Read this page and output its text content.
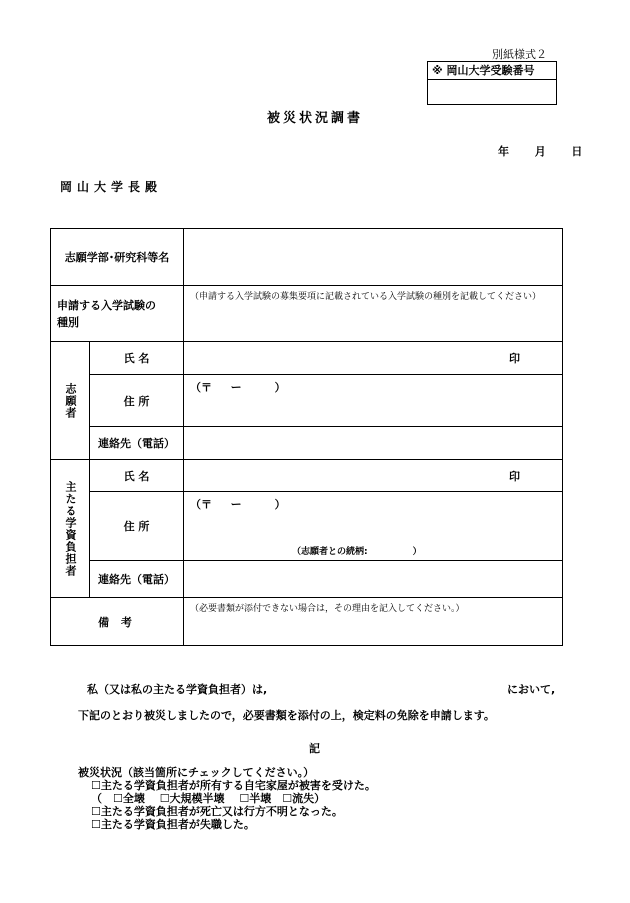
別紙様式２
※ 岡山大学受験番号
被災状況調書
年 月 日
岡山大学長殿
志願学部･研究科等名		

申請する入学試験の
種別		（申請する入学試験の募集要項に記載されている入学試験の種別を記載してください）

志願者	氏 名	印

	住 所	（〒 　 ー　　　）
	連絡先（電話）	

主たる学資負担者	氏 名	印

	住 所	（〒 　 ー　　　）
（志願者との続柄:　　　　　）

	連絡先（電話）	
備 考		（必要書類が添付できない場合は，その理由を記入してください。）
私（又は私の主たる学資負担者）は,	において,
下記のとおり被災しましたので，必要書類を添付の上，検定料の免除を申請します。
記
被災状況（該当箇所にチェックしてください。）
☐主たる学資負担者が所有する自宅家屋が被害を受けた。
（　☐全壊　 ☐大規模半壊 　☐半壊　☐流失）
☐主たる学資負担者が死亡又は行方不明となった。
☐主たる学資負担者が失職した。
